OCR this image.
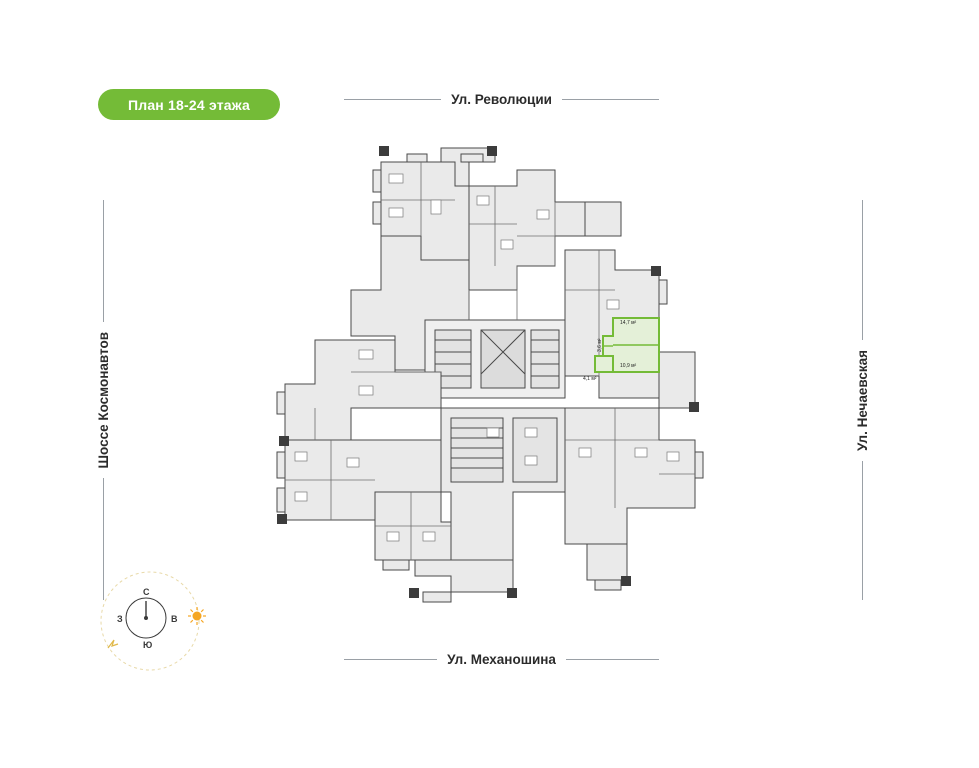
План 18-24 этажа	Ул. Революции
Ул. Механошина
Шоссе Космонавтов	Ул. Нечаевская
С
Ю
В
З
14,7 м²
10,9 м²
4,1 м²
3,6 м²
